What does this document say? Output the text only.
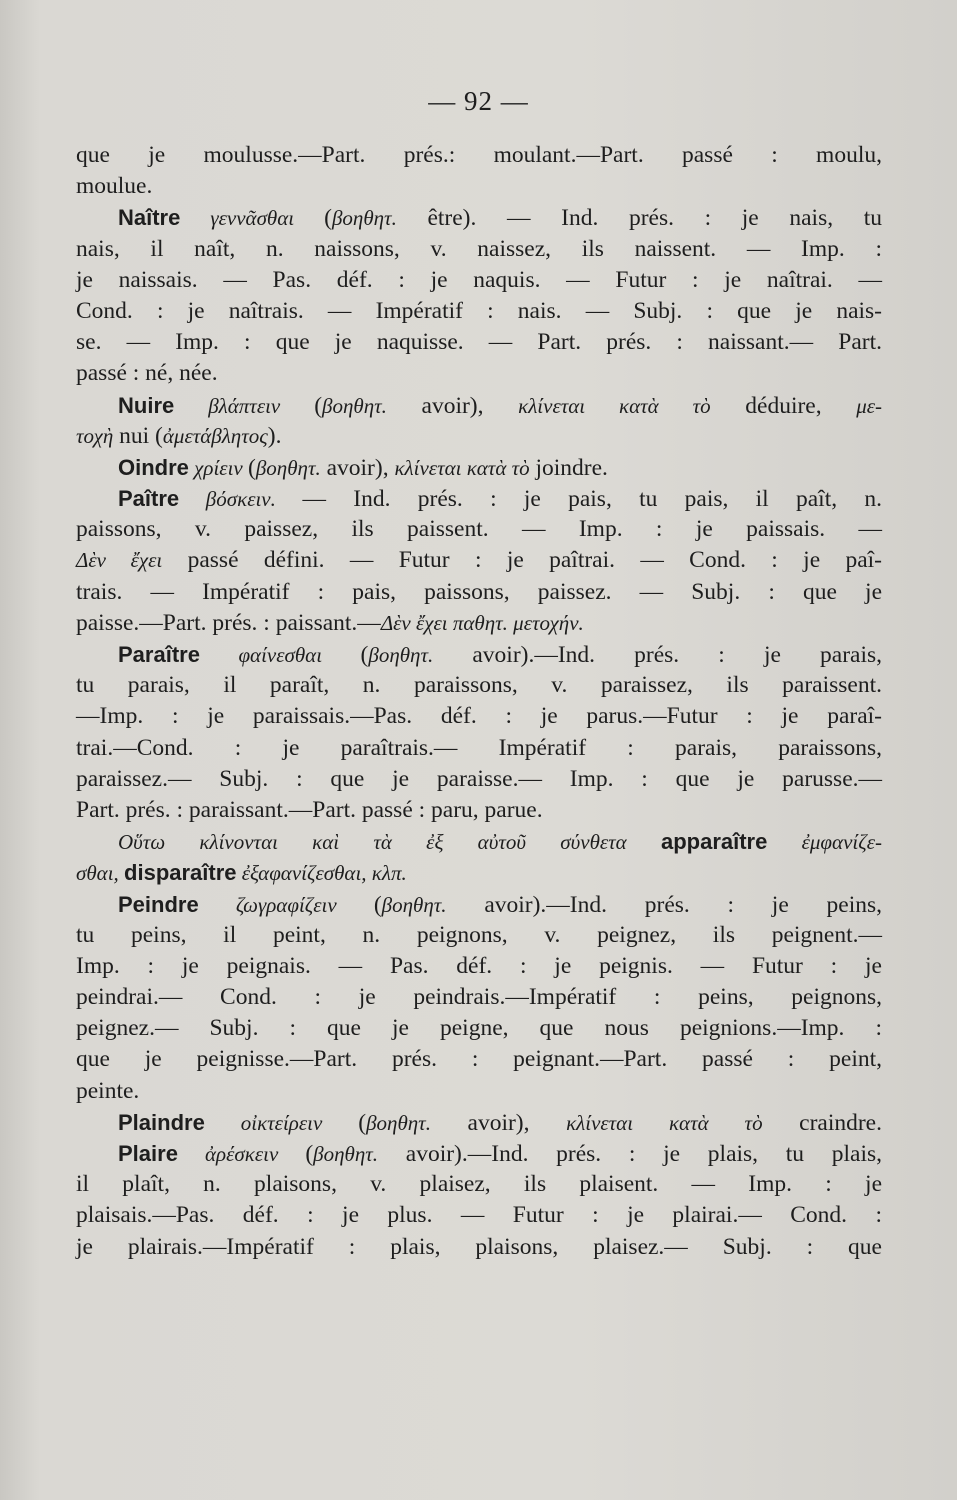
— 92 —
que je moulusse.—Part. prés.: moulant.—Part. passé : moulu,
moulue.
Naître γεννᾶσθαι (βοηθητ. être). — Ind. prés. : je nais, tu
nais, il naît, n. naissons, v. naissez, ils naissent. — Imp. :
je naissais. — Pas. déf. : je naquis. — Futur : je naîtrai. —
Cond. : je naîtrais. — Impératif : nais. — Subj. : que je nais-
se. — Imp. : que je naquisse. — Part. prés. : naissant.— Part.
passé : né, née.
Nuire βλάπτειν (βοηθητ. avoir), κλίνεται κατὰ τὸ déduire, με-
τοχὴ nui (ἀμετάβλητος).
Oindre χρίειν (βοηθητ. avoir), κλίνεται κατὰ τὸ joindre.
Paître βόσκειν. — Ind. prés. : je pais, tu pais, il paît, n.
paissons, v. paissez, ils paissent. — Imp. : je paissais. —
Δὲν ἔχει passé défini. — Futur : je paîtrai. — Cond. : je paî-
trais. — Impératif : pais, paissons, paissez. — Subj. : que je
paisse.—Part. prés. : paissant.—Δὲν ἔχει παθητ. μετοχήν.
Paraître φαίνεσθαι (βοηθητ. avoir).—Ind. prés. : je parais,
tu parais, il paraît, n. paraissons, v. paraissez, ils paraissent.
—Imp. : je paraissais.—Pas. déf. : je parus.—Futur : je paraî-
trai.—Cond. : je paraîtrais.— Impératif : parais, paraissons,
paraissez.— Subj. : que je paraisse.— Imp. : que je parusse.—
Part. prés. : paraissant.—Part. passé : paru, parue.
Οὕτω κλίνονται καὶ τὰ ἐξ αὐτοῦ σύνθετα apparaître ἐμφανίζε-
σθαι, disparaître ἐξαφανίζεσθαι, κλπ.
Peindre ζωγραφίζειν (βοηθητ. avoir).—Ind. prés. : je peins,
tu peins, il peint, n. peignons, v. peignez, ils peignent.—
Imp. : je peignais. — Pas. déf. : je peignis. — Futur : je
peindrai.— Cond. : je peindrais.—Impératif : peins, peignons,
peignez.— Subj. : que je peigne, que nous peignions.—Imp. :
que je peignisse.—Part. prés. : peignant.—Part. passé : peint,
peinte.
Plaindre οἰκτείρειν (βοηθητ. avoir), κλίνεται κατὰ τὸ craindre.
Plaire ἀρέσκειν (βοηθητ. avoir).—Ind. prés. : je plais, tu plais,
il plaît, n. plaisons, v. plaisez, ils plaisent. — Imp. : je
plaisais.—Pas. déf. : je plus. — Futur : je plairai.— Cond. :
je plairais.—Impératif : plais, plaisons, plaisez.— Subj. : que
